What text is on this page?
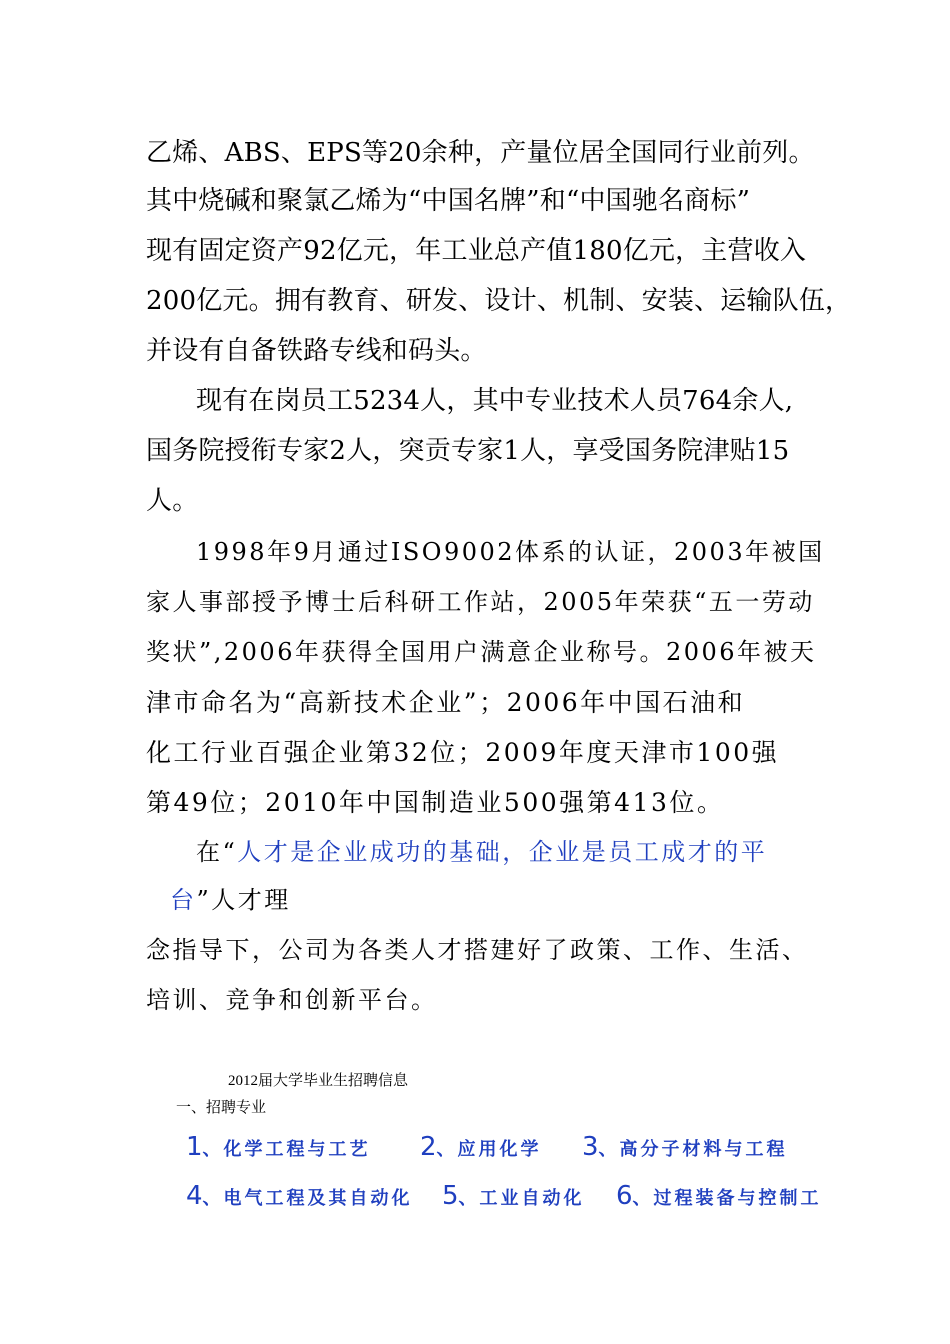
乙烯、ABS、EPS等20余种，产量位居全国同行业前列。
其中烧碱和聚氯乙烯为“中国名牌”和“中国驰名商标”
现有固定资产92亿元，年工业总产值180亿元，主营收入
200亿元。拥有教育、研发、设计、机制、安装、运输队伍，
并设有自备铁路专线和码头。
现有在岗员工5234人，其中专业技术人员764余人,
国务院授衔专家2人，突贡专家1人，享受国务院津贴15
人。
1998年9月通过ISO9002体系的认证，2003年被国
家人事部授予博士后科研工作站，2005年荣获“五一劳动
奖状”,2006年获得全国用户满意企业称号。2006年被天
津市命名为“高新技术企业”；2006年中国石油和
化工行业百强企业第32位；2009年度天津市100强
第49位；2010年中国制造业500强第413位。
在“人才是企业成功的基础，企业是员工成才的平
台”人才理
念指导下，公司为各类人才搭建好了政策、工作、生活、
培训、竞争和创新平台。
2012届大学毕业生招聘信息
一、招聘专业
1、化学工程与工艺 2、应用化学 3、高分子材料与工程
4、电气工程及其自动化 5、工业自动化 6、过程装备与控制工
